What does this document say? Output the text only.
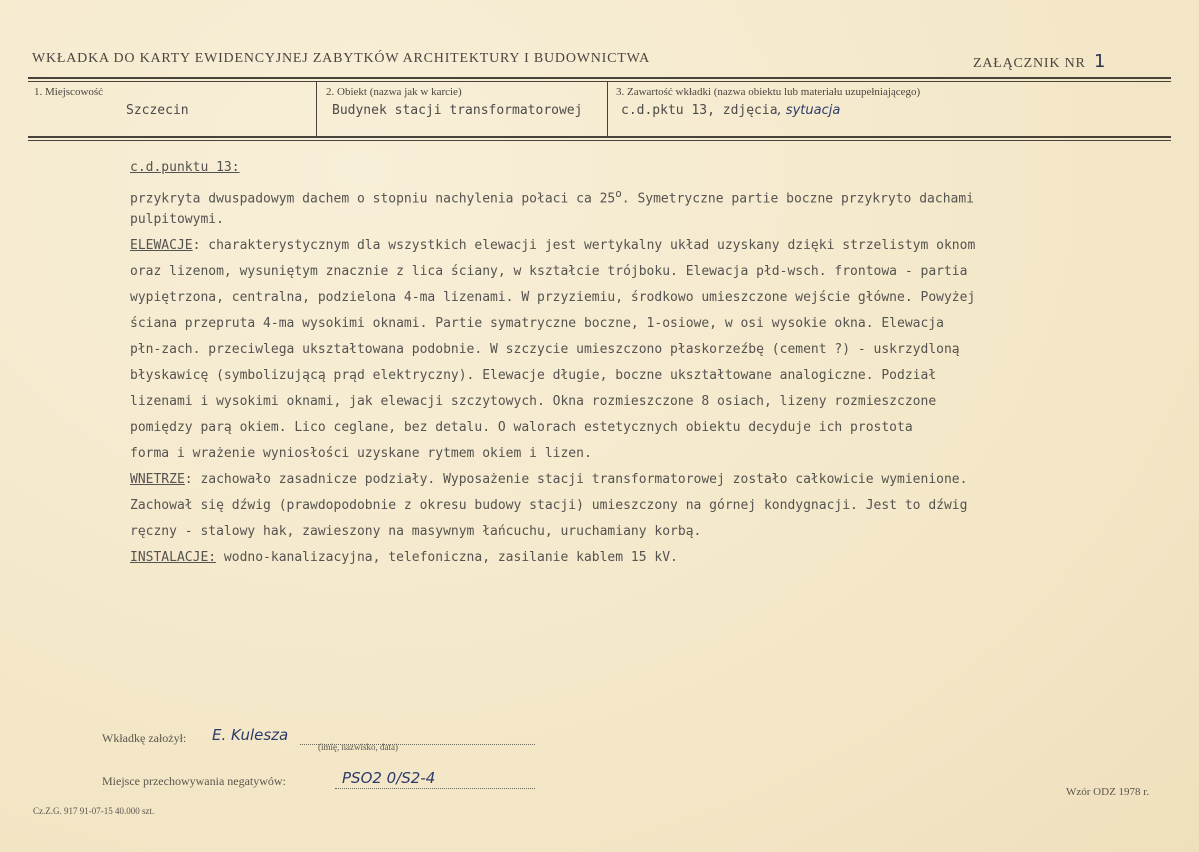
WKŁADKA DO KARTY EWIDENCYJNEJ ZABYTKÓW ARCHITEKTURY I BUDOWNICTWA	ZAŁĄCZNIK NR 1
1. Miejscowość
Szczecin
2. Obiekt (nazwa jak w karcie)
Budynek stacji transformatorowej
3. Zawartość wkładki (nazwa obiektu lub materiału uzupełniającego)
c.d.pktu 13, zdjęcia, sytuacja
c.d.punktu 13:
przykryta dwuspadowym dachem o stopniu nachylenia połaci ca 25$^o$. Symetryczne partie boczne przykryto dachami
pulpitowymi.
ELEWACJE: charakterystycznym dla wszystkich elewacji jest wertykalny układ uzyskany dzięki strzelistym oknom
oraz lizenom, wysuniętym znacznie z lica ściany, w kształcie trójboku. Elewacja płd-wsch. frontowa - partia
wypiętrzona, centralna, podzielona 4-ma lizenami. W przyziemiu, środkowo umieszczone wejście główne. Powyżej
ściana przepruta 4-ma wysokimi oknami. Partie symatryczne boczne, 1-osiowe, w osi wysokie okna. Elewacja
płn-zach. przeciwlega ukształtowana podobnie. W szczycie umieszczono płaskorzeźbę (cement ?) - uskrzydloną
błyskawicę (symbolizującą prąd elektryczny). Elewacje długie, boczne ukształtowane analogiczne. Podział
lizenami i wysokimi oknami, jak elewacji szczytowych. Okna rozmieszczone 8 osiach, lizeny rozmieszczone
pomiędzy parą okiem. Lico ceglane, bez detalu. O walorach estetycznych obiektu decyduje ich prostota
forma i wrażenie wyniosłości uzyskane rytmem okiem i lizen.
WNETRZE: zachowało zasadnicze podziały. Wyposażenie stacji transformatorowej zostało całkowicie wymienione.
Zachował się dźwig (prawdopodobnie z okresu budowy stacji) umieszczony na górnej kondygnacji. Jest to dźwig
ręczny - stalowy hak, zawieszony na masywnym łańcuchu, uruchamiany korbą.
INSTALACJE: wodno-kanalizacyjna, telefoniczna, zasilanie kablem 15 kV.
Wkładkę założył: E. Kulesza
(imię, nazwisko, data)
Miejsce przechowywania negatywów:	PSO2 0/S2-4
Cz.Z.G. 917 91-07-15 40.000 szt.
Wzór ODZ 1978 r.
